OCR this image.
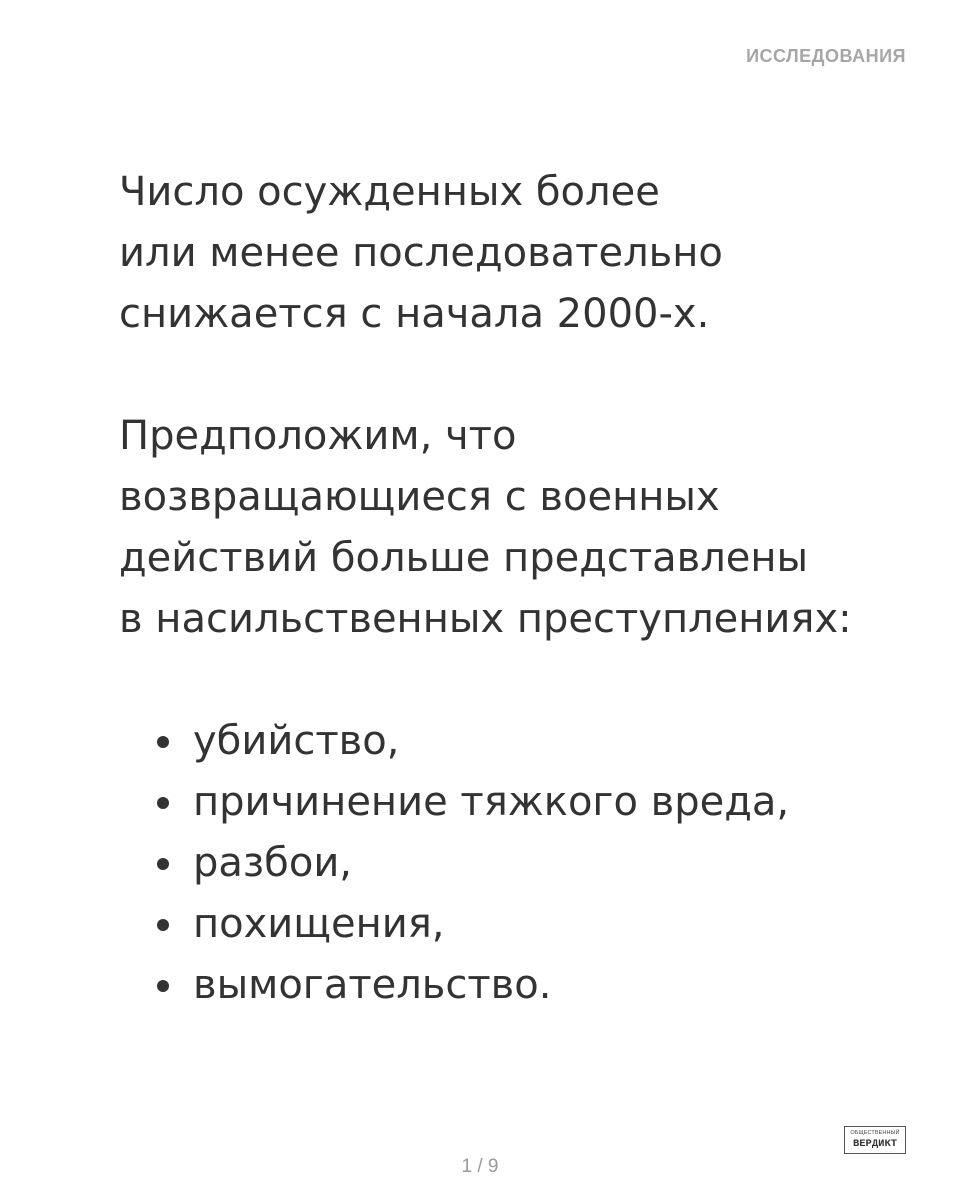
ИССЛЕДОВАНИЯ

Число осужденных более
или менее последовательно
снижается с начала 2000-х.

Предположим, что
возвращающиеся с военных
действий больше представлены
в насильственных преступлениях:

убийство,
причинение тяжкого вреда,
разбои,
похищения,
вымогательство.
1 / 9
ОБЩЕСТВЕННЫЙ
ВЕРДИКТ
